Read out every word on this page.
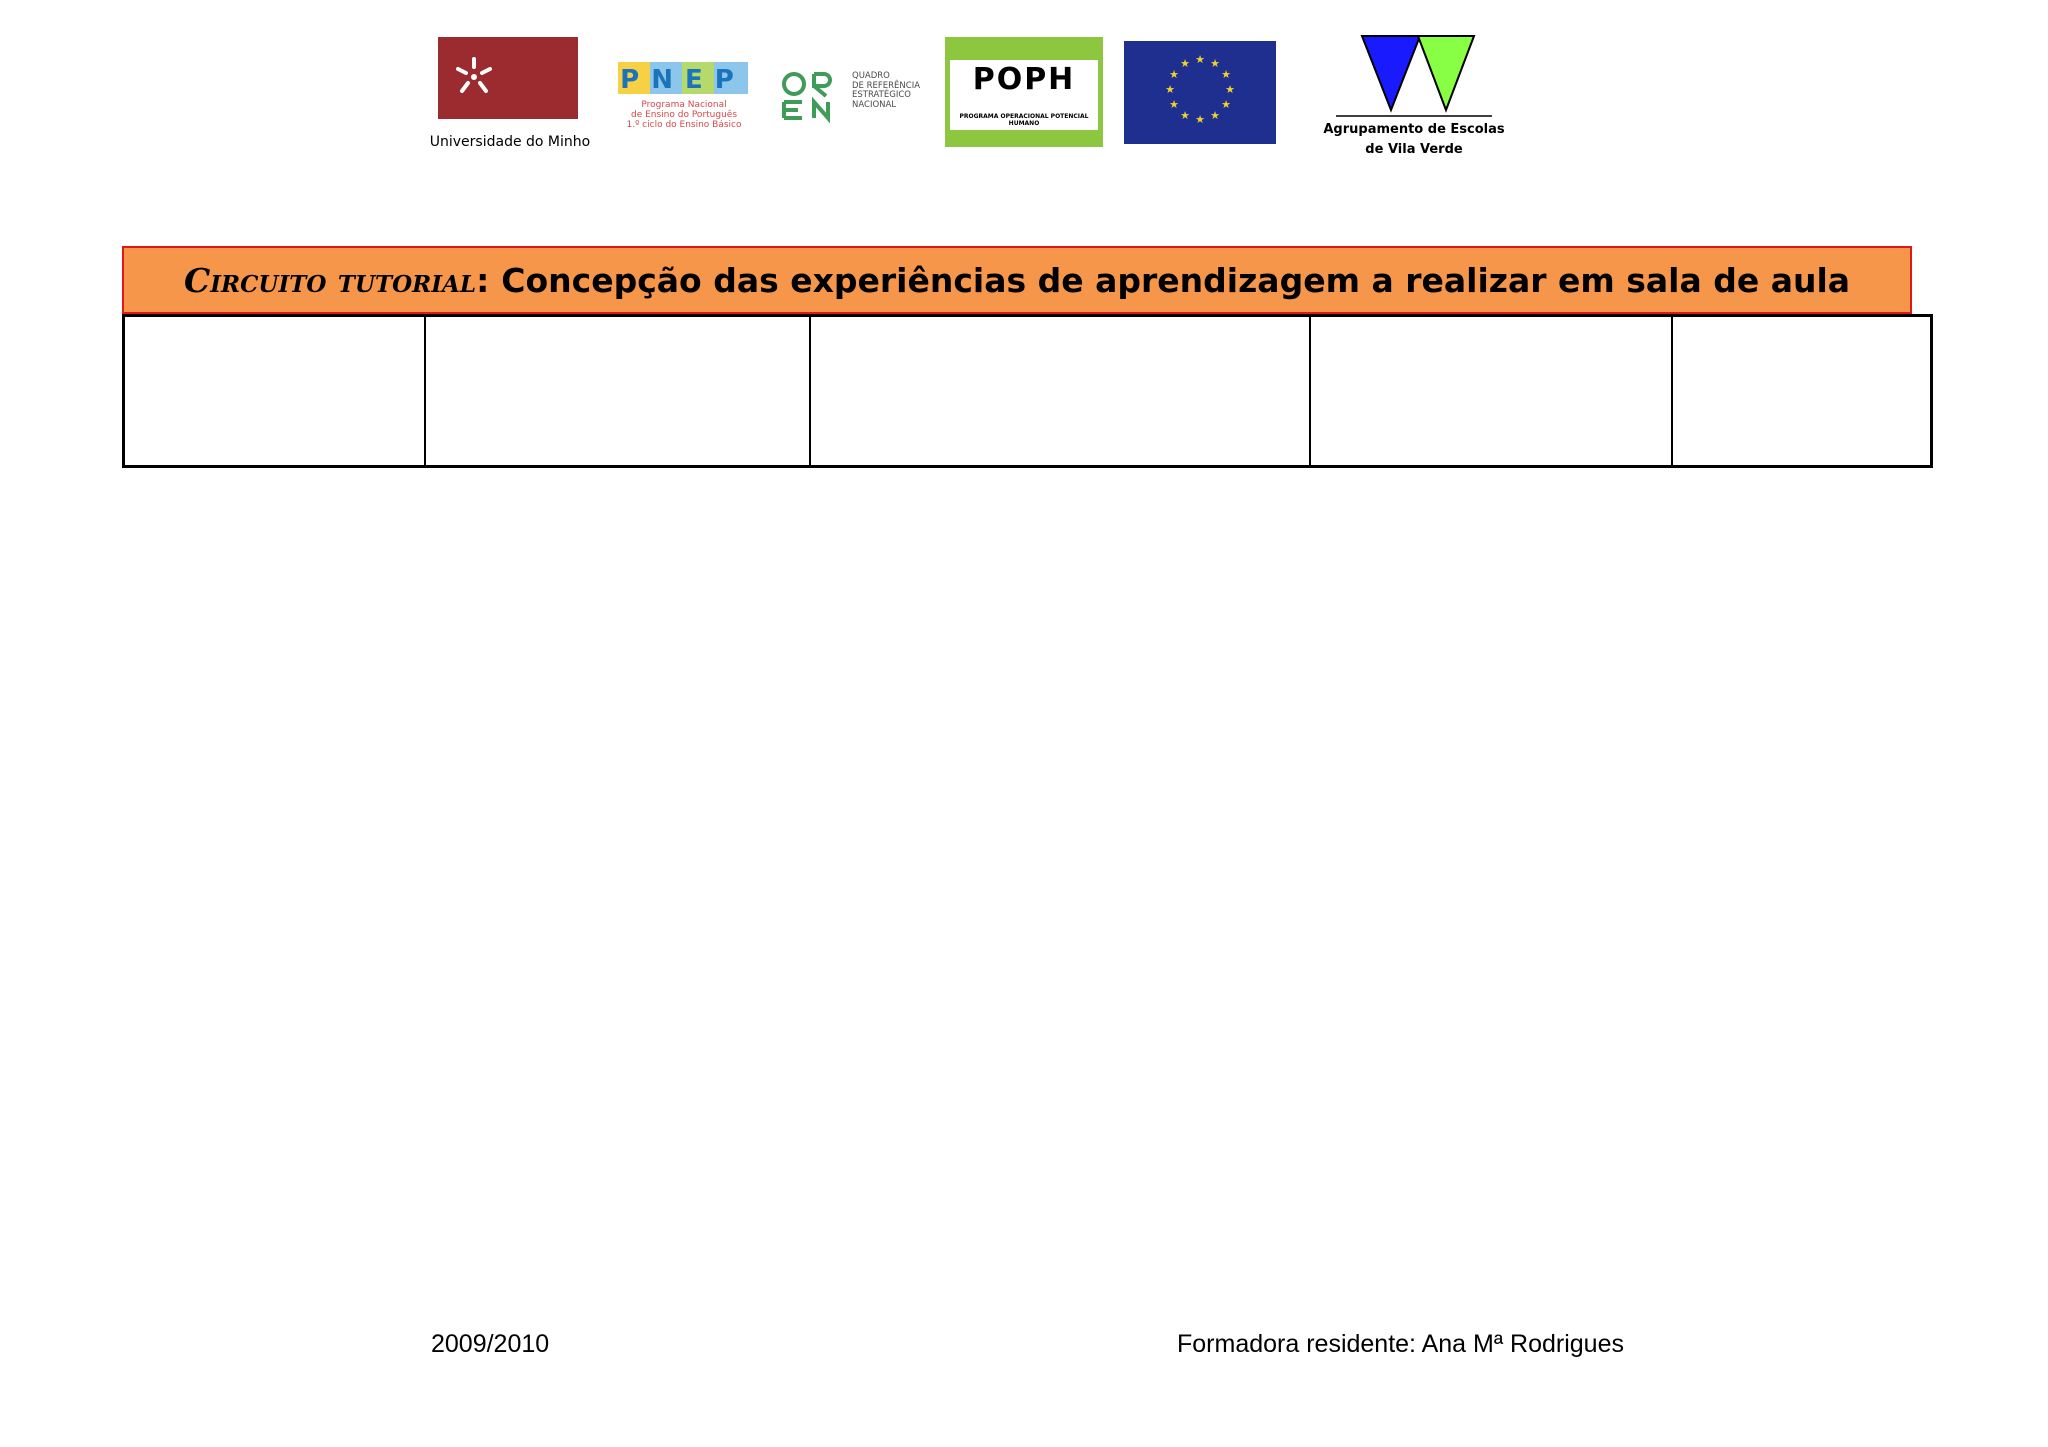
Universidade do Minho
PNEP
Programa Nacional
de Ensino do Português
1.º ciclo do Ensino Básico
QUADRO
DE REFERÊNCIA
ESTRATÉGICO
NACIONAL
POPH
PROGRAMA OPERACIONAL POTENCIAL HUMANO
★ ★
★
★
★
★
★
★
★
★
★
★
Agrupamento de Escolas
de Vila Verde
Circuito tutorial : Concepção das experiências de aprendizagem a realizar em sala de aula
2009/2010	Formadora residente: Ana Mª Rodrigues
